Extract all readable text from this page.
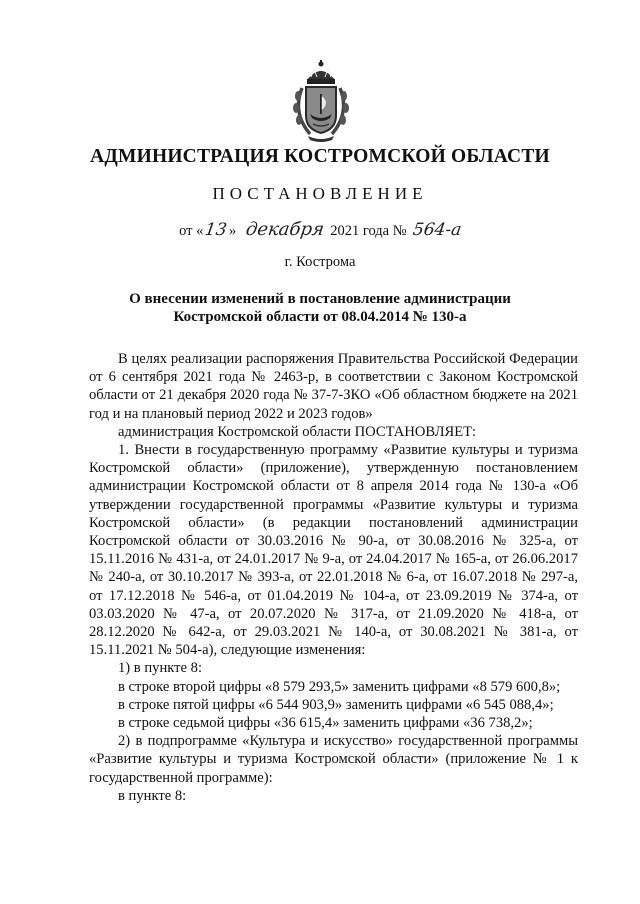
АДМИНИСТРАЦИЯ КОСТРОМСКОЙ ОБЛАСТИ
ПОСТАНОВЛЕНИЕ
от «13» декабря 2021 года № 564-а
г. Кострома
О внесении изменений в постановление администрации
Костромской области от 08.04.2014 № 130-а

В целях реализации распоряжения Правительства Российской Федерации от 6 сентября 2021 года № 2463-р, в соответствии с Законом Костромской области от 21 декабря 2020 года № 37-7-ЗКО «Об областном бюджете на 2021 год и на плановый период 2022 и 2023 годов»

администрация Костромской области ПОСТАНОВЛЯЕТ:

1. Внести в государственную программу «Развитие культуры и туризма Костромской области» (приложение), утвержденную постановлением администрации Костромской области от 8 апреля 2014 года № 130-а «Об утверждении государственной программы «Развитие культуры и туризма Костромской области» (в редакции постановлений администрации Костромской области от 30.03.2016 № 90-а, от 30.08.2016 № 325-а, от 15.11.2016 № 431-а, от 24.01.2017 № 9-а, от 24.04.2017 № 165-а, от 26.06.2017 № 240-а, от 30.10.2017 № 393-а, от 22.01.2018 № 6-а, от 16.07.2018 № 297-а, от 17.12.2018 № 546-а, от 01.04.2019 № 104-а, от 23.09.2019 № 374-а, от 03.03.2020 № 47-а, от 20.07.2020 № 317-а, от 21.09.2020 № 418-а, от 28.12.2020 № 642-а, от 29.03.2021 № 140-а, от 30.08.2021 № 381-а, от 15.11.2021 № 504-а), следующие изменения:

1) в пункте 8:

в строке второй цифры «8 579 293,5» заменить цифрами «8 579 600,8»;

в строке пятой цифры «6 544 903,9» заменить цифрами «6 545 088,4»;

в строке седьмой цифры «36 615,4» заменить цифрами «36 738,2»;

2) в подпрограмме «Культура и искусство» государственной программы «Развитие культуры и туризма Костромской области» (приложение № 1 к государственной программе):

в пункте 8:
